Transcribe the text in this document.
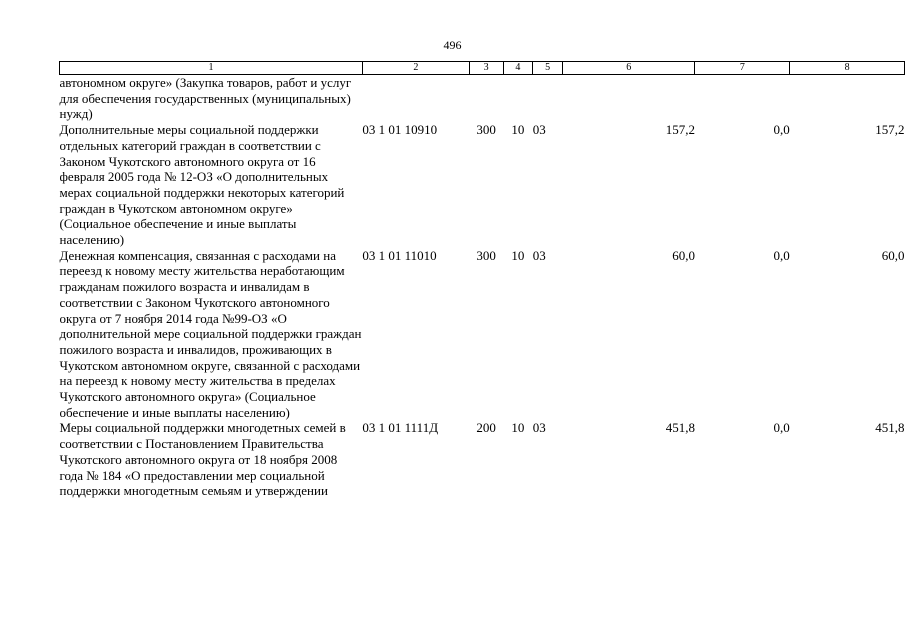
496
1	2	3	4	5	6	7	8
автономном округе» (Закупка товаров, работ и услуг для обеспечения государственных (муниципальных) нужд)							
Дополнительные меры социальной поддержки отдельных категорий граждан в соответствии с Законом Чукотского автономного округа от 16 февраля 2005 года № 12-ОЗ «О дополнительных мерах социальной поддержки некоторых категорий граждан в Чукотском автономном округе» (Социальное обеспечение и иные выплаты населению)	03 1 01 10910	300	10	03	157,2	0,0	157,2
Денежная компенсация, связанная с расходами на переезд к новому месту жительства неработающим гражданам пожилого возраста и инвалидам в соответствии с Законом Чукотского автономного округа от 7 ноября 2014 года №99-ОЗ «О дополнительной мере социальной поддержки граждан пожилого возраста и инвалидов, проживающих в Чукотском автономном округе, связанной с расходами на переезд к новому месту жительства в пределах Чукотского автономного округа» (Социальное обеспечение и иные выплаты населению)	03 1 01 11010	300	10	03	60,0	0,0	60,0
Меры социальной поддержки многодетных семей в соответствии с Постановлением Правительства Чукотского автономного округа от 18 ноября 2008 года № 184 «О предоставлении мер социальной поддержки многодетным семьям и утверждении	03 1 01 1111Д	200	10	03	451,8	0,0	451,8
